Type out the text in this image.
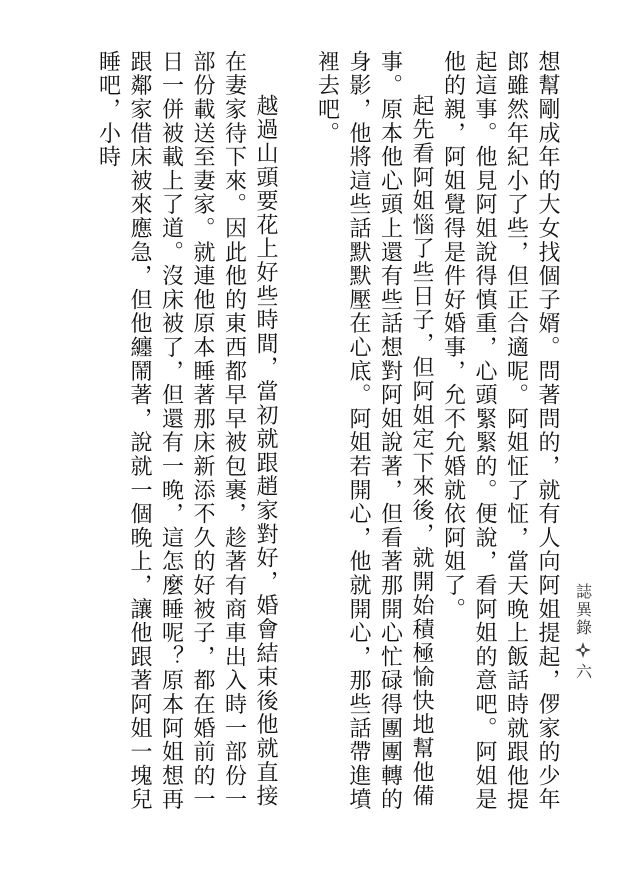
誌異錄
六

想幫剛成年的大女找個子婿。問著問的，就有人向阿姐提起，㑩家的少年郎雖然年紀小了些，但正合適呢。阿姐怔了怔，當天晚上飯話時就跟他提起這事。他見阿姐說得慎重，心頭緊緊的。便說，看阿姐的意吧。阿姐是他的親，阿姐覺得是件好婚事，允不允婚就依阿姐了。

起先看阿姐惱了些日子，但阿姐定下來後，就開始積極愉快地幫他備事。原本他心頭上還有些話想對阿姐說著，但看著那開心忙碌得團團轉的身影，他將這些話默默壓在心底。阿姐若開心，他就開心，那些話帶進墳裡去吧。

越過山頭要花上好些時間，當初就跟趙家對好，婚會結束後他就直接在妻家待下來。因此他的東西都早早被包裹，趁著有商車出入時一部份一部份載送至妻家。就連他原本睡著那床新添不久的好被子，都在婚前的一日一併被載上了道。沒床被了，但還有一晚，這怎麼睡呢？原本阿姐想再跟鄰家借床被來應急，但他纏鬧著，說就一個晚上，讓他跟著阿姐一塊兒睡吧，小時
